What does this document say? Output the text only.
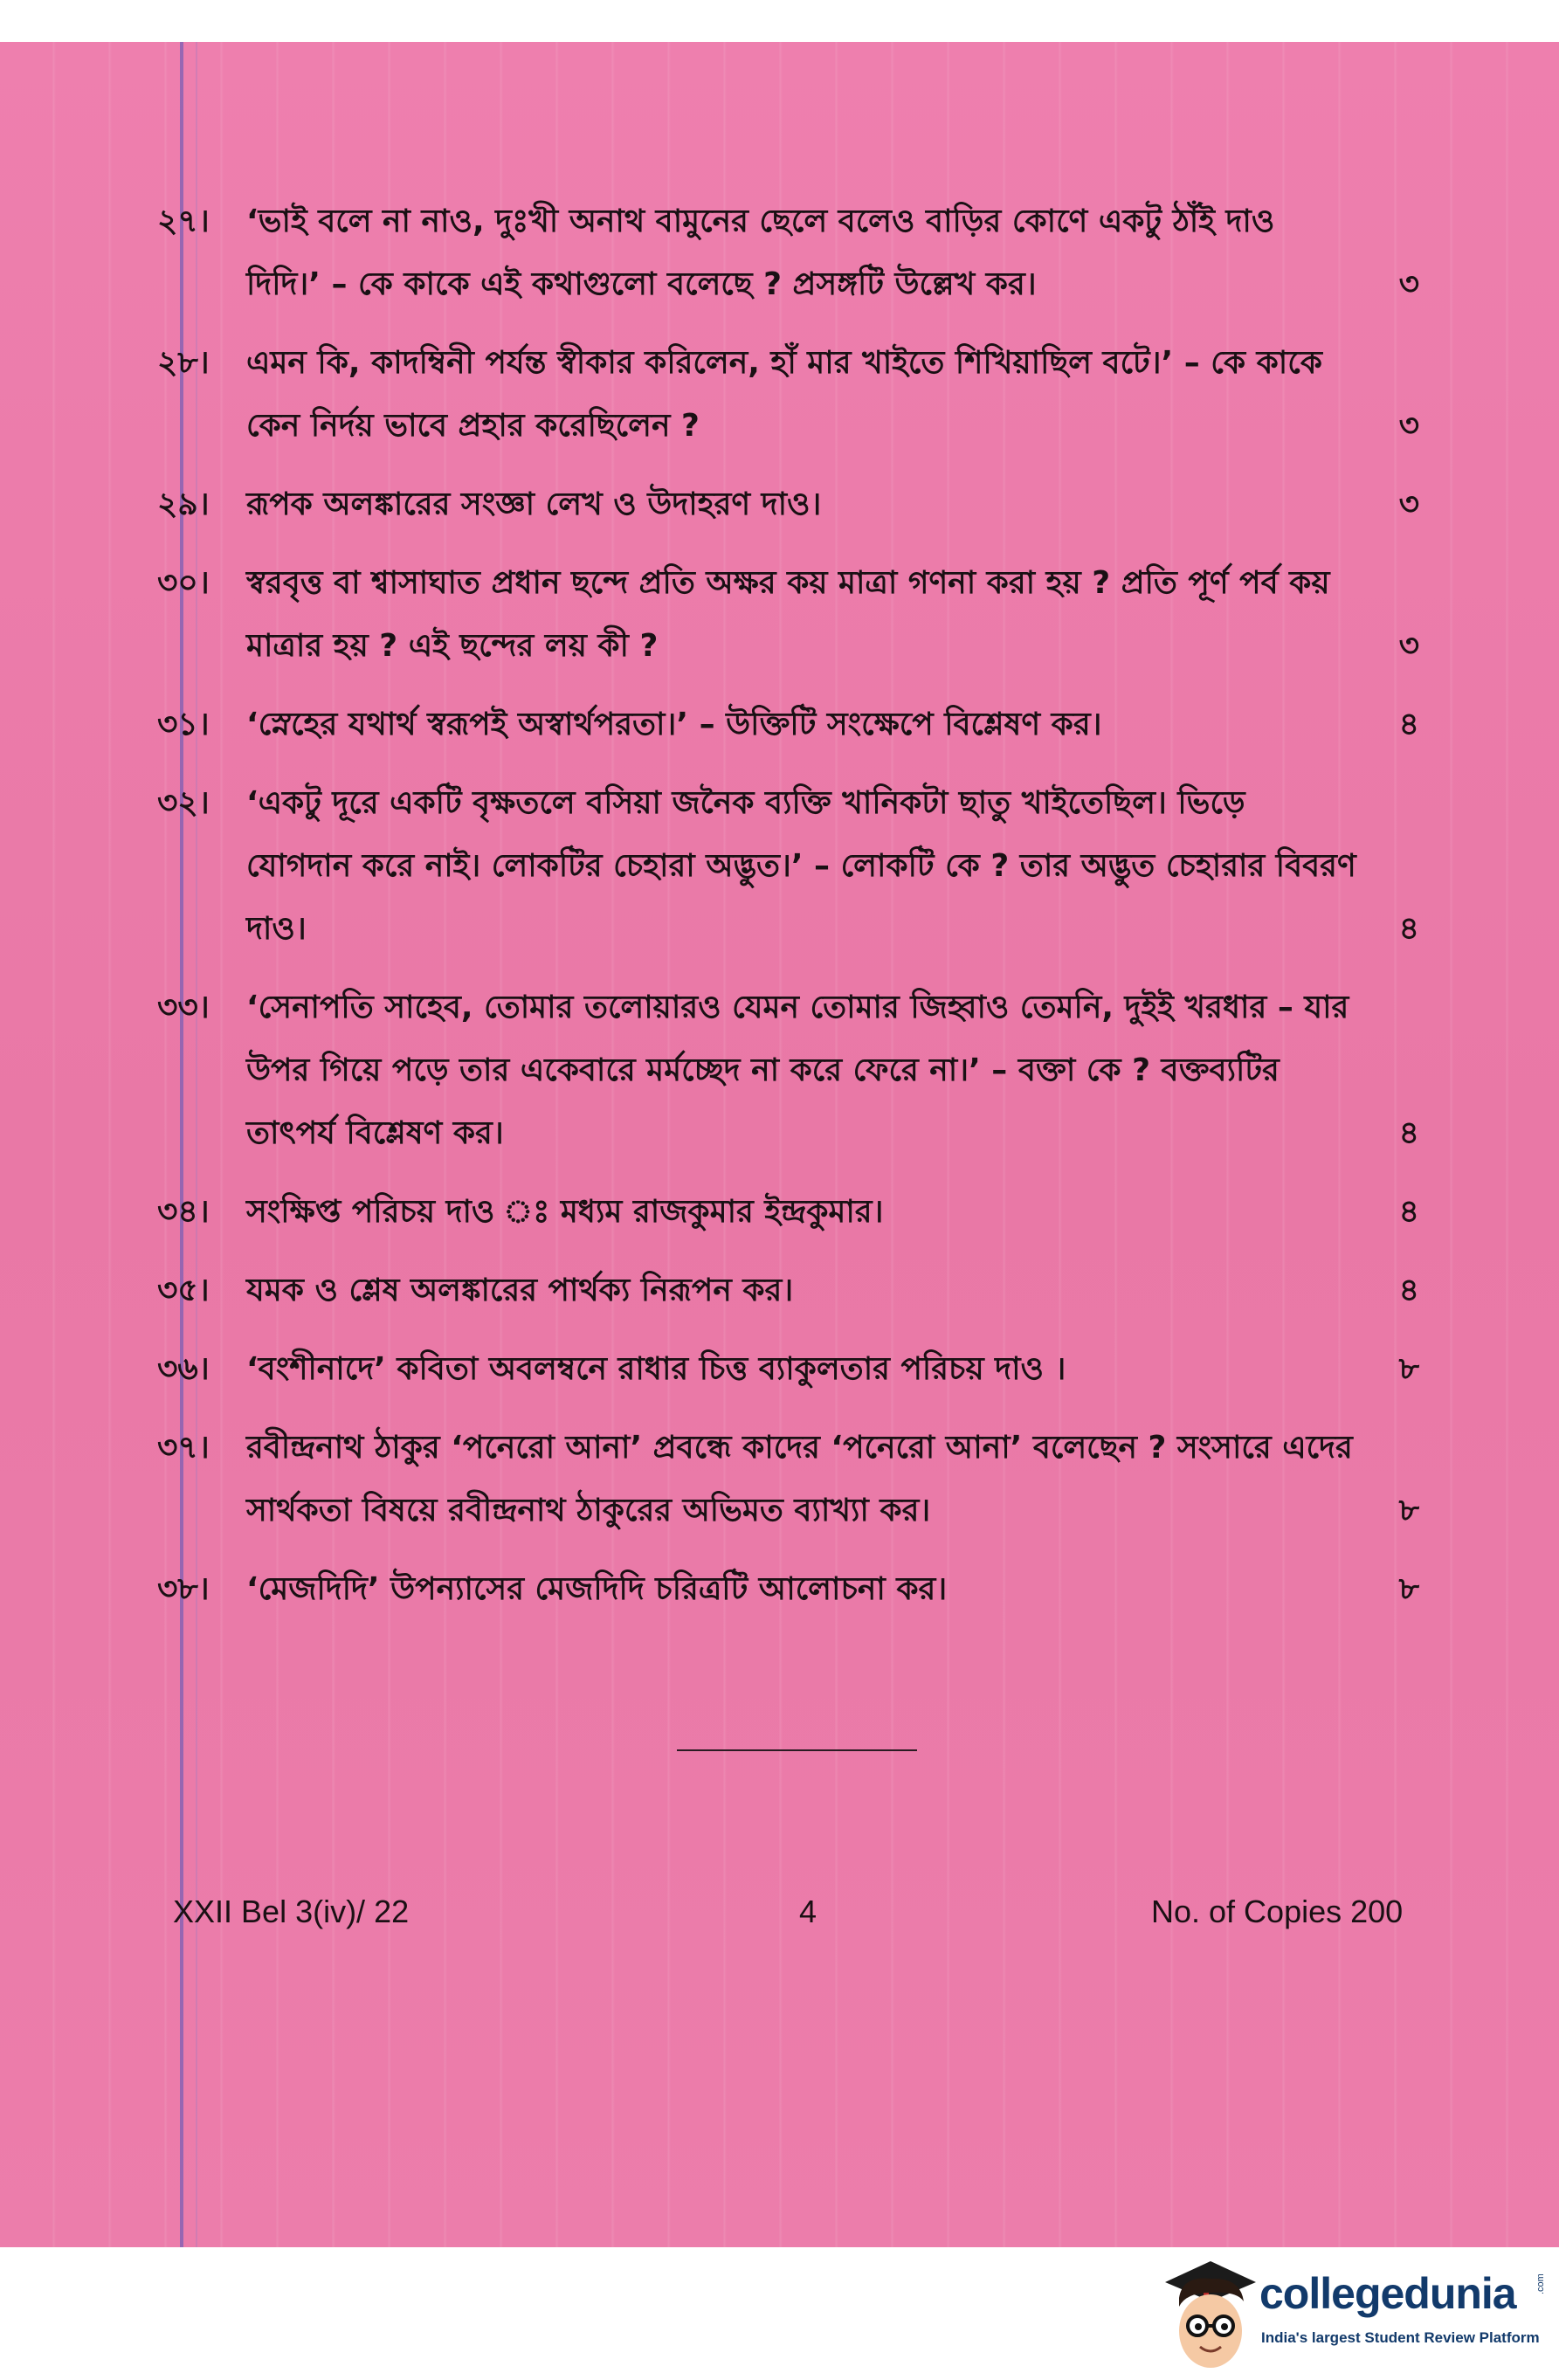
২৭।	‘ভাই বলে না নাও, দুঃখী অনাথ বামুনের ছেলে বলেও বাড়ির কোণে একটু ঠাঁই দাও দিদি।’ – কে কাকে এই কথাগুলো বলেছে ? প্রসঙ্গটি উল্লেখ কর।	৩
২৮।	এমন কি, কাদম্বিনী পর্যন্ত স্বীকার করিলেন, হাঁ মার খাইতে শিখিয়াছিল বটে।’ – কে কাকে কেন নির্দয় ভাবে প্রহার করেছিলেন ?	৩
২৯।	রূপক অলঙ্কারের সংজ্ঞা লেখ ও উদাহরণ দাও।	৩
৩০।	স্বরবৃত্ত বা শ্বাসাঘাত প্রধান ছন্দে প্রতি অক্ষর কয় মাত্রা গণনা করা হয় ? প্রতি পূর্ণ পর্ব কয় মাত্রার হয় ? এই ছন্দের লয় কী ?	৩
৩১।	‘স্নেহের যথার্থ স্বরূপই অস্বার্থপরতা।’ – উক্তিটি সংক্ষেপে বিশ্লেষণ কর।	৪
৩২।	‘একটু দূরে একটি বৃক্ষতলে বসিয়া জনৈক ব্যক্তি খানিকটা ছাতু খাইতেছিল। ভিড়ে যোগদান করে নাই। লোকটির চেহারা অদ্ভুত।’ – লোকটি কে ? তার অদ্ভুত চেহারার বিবরণ দাও।	৪
৩৩।	‘সেনাপতি সাহেব, তোমার তলোয়ারও যেমন তোমার জিহ্বাও তেমনি, দুইই খরধার – যার উপর গিয়ে পড়ে তার একেবারে মর্মচ্ছেদ না করে ফেরে না।’ – বক্তা কে ? বক্তব্যটির তাৎপর্য বিশ্লেষণ কর।	৪
৩৪।	সংক্ষিপ্ত পরিচয় দাও ঃ মধ্যম রাজকুমার ইন্দ্রকুমার।	৪
৩৫।	যমক ও শ্লেষ অলঙ্কারের পার্থক্য নিরূপন কর।	৪
৩৬।	‘বংশীনাদে’ কবিতা অবলম্বনে রাধার চিত্ত ব্যাকুলতার পরিচয় দাও ।	৮
৩৭।	রবীন্দ্রনাথ ঠাকুর ‘পনেরো আনা’ প্রবন্ধে কাদের ‘পনেরো আনা’ বলেছেন ? সংসারে এদের সার্থকতা বিষয়ে রবীন্দ্রনাথ ঠাকুরের অভিমত ব্যাখ্যা কর।	৮
৩৮।	‘মেজদিদি’ উপন্যাসের মেজদিদি চরিত্রটি আলোচনা কর।	৮
XXII Bel 3(iv)/ 22	4	No. of Copies 200
collegedunia .com
India's largest Student Review Platform
